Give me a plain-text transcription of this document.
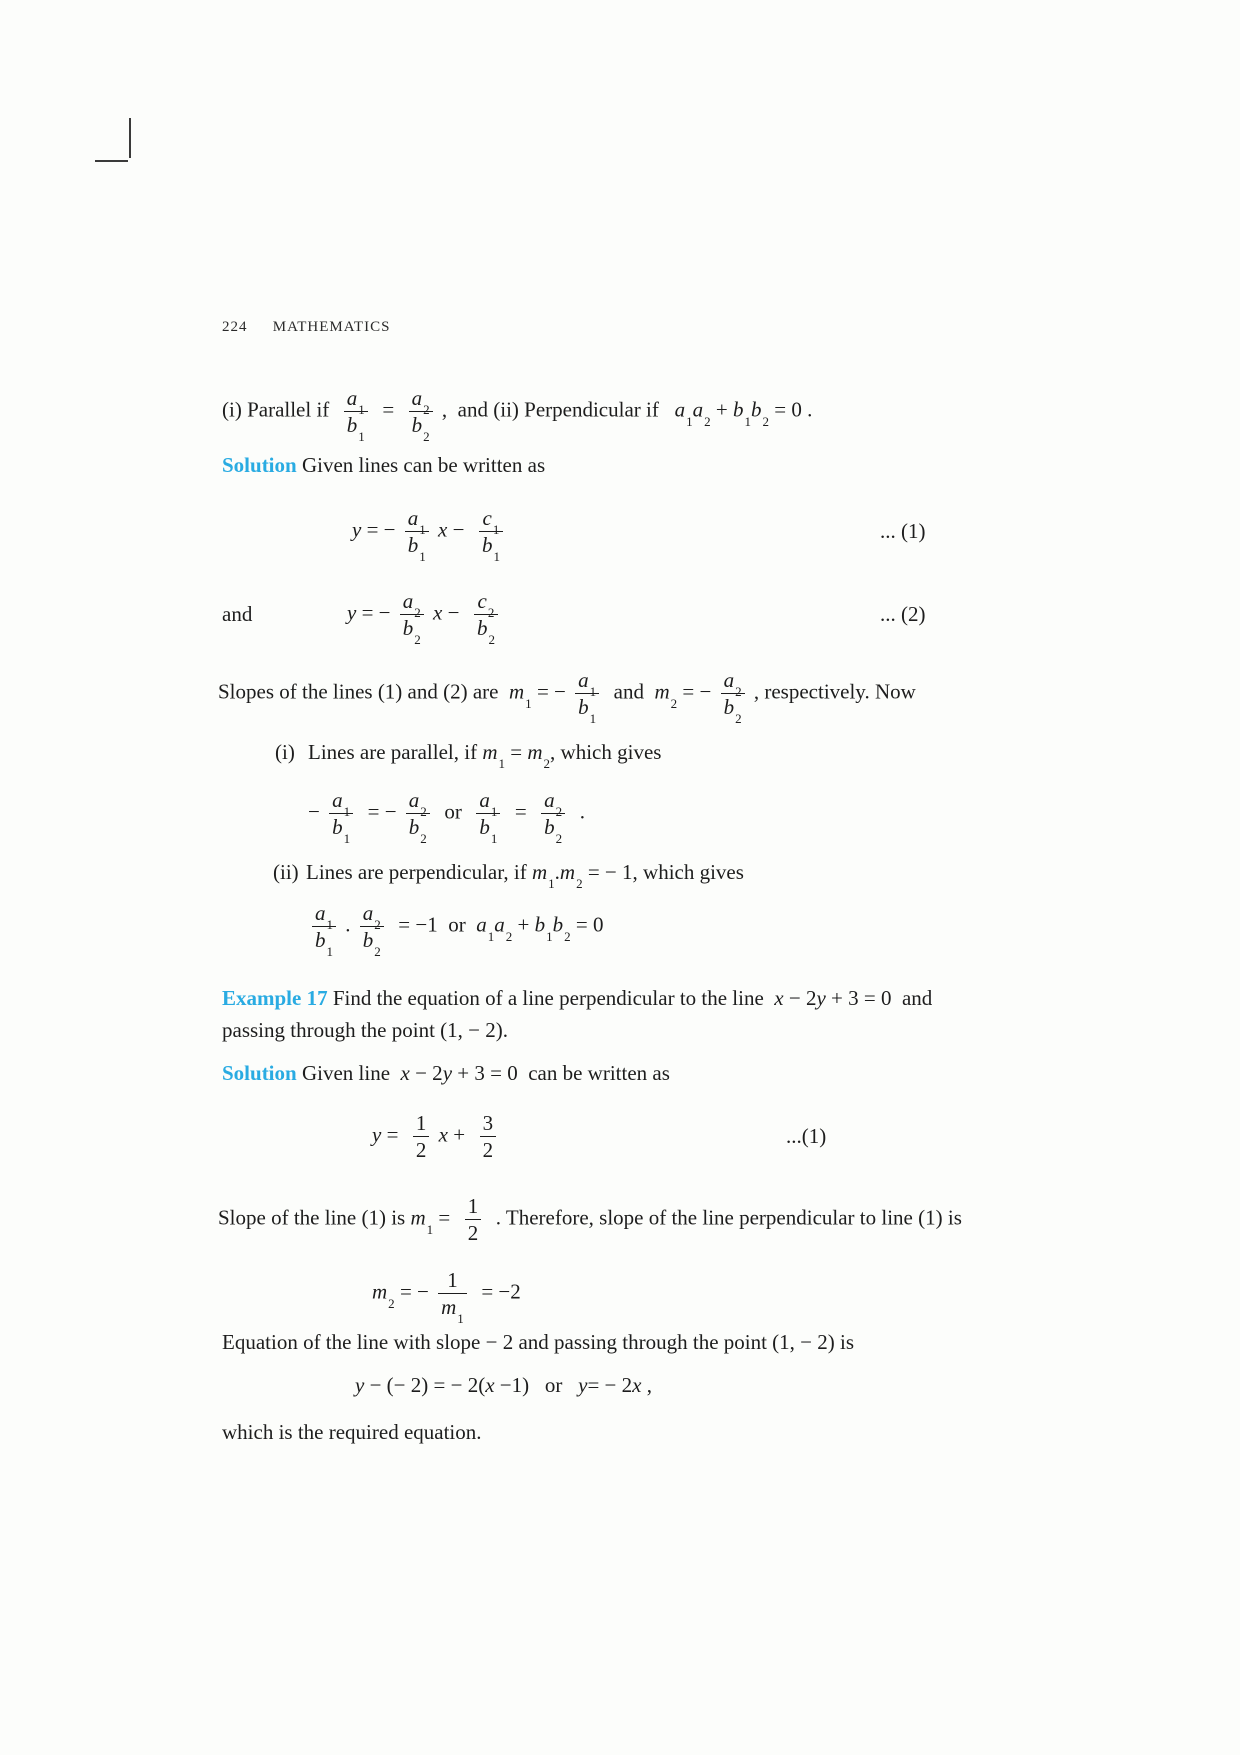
224 MATHEMATICS
(i) Parallel if $\frac{a_1}{b_1} = \frac{a_2}{b_2}$ ,  and (ii) Perpendicular if   $a_1a_2 + b_1b_2 = 0$ .
Solution Given lines can be written as
y = − $\frac{a_1}{b_1}$ $x - \frac{c_1}{b_1}$	... (1)
and	y = − $\frac{a_2}{b_2}$ $x - \frac{c_2}{b_2}$	... (2)
Slopes of the lines (1) and (2) are  $m_1$ = − $\frac{a_1}{b_1}$ and  $m_2$ = − $\frac{a_2}{b_2}$ , respectively. Now
(i) Lines are parallel, if $m_1 = m_2$, which gives
− $\frac{a_1}{b_1}$ = − $\frac{a_2}{b_2}$ or $\frac{a_1}{b_1} = \frac{a_2}{b_2}$ .
(ii) Lines are perpendicular, if $m_1.m_2$ = − 1, which gives
$\frac{a_1}{b_1}$ . $\frac{a_2}{b_2} = -1$  or  $a_1a_2 + b_1b_2 = 0$
Example 17 Find the equation of a line perpendicular to the line  x − 2y + 3 = 0  and
passing through the point (1, − 2).
Solution Given line  x − 2y + 3 = 0  can be written as
$y = \frac{1}{2}$ $x + \frac{3}{2}$	...(1)
Slope of the line (1) is $m_1 = \frac{1}{2}$ . Therefore, slope of the line perpendicular to line (1) is
$m_2$ = − $\frac{1}{m_1} = -2$
Equation of the line with slope − 2 and passing through the point (1, − 2) is
y − (− 2) = − 2(x −1)   or   y= − 2x ,
which is the required equation.
